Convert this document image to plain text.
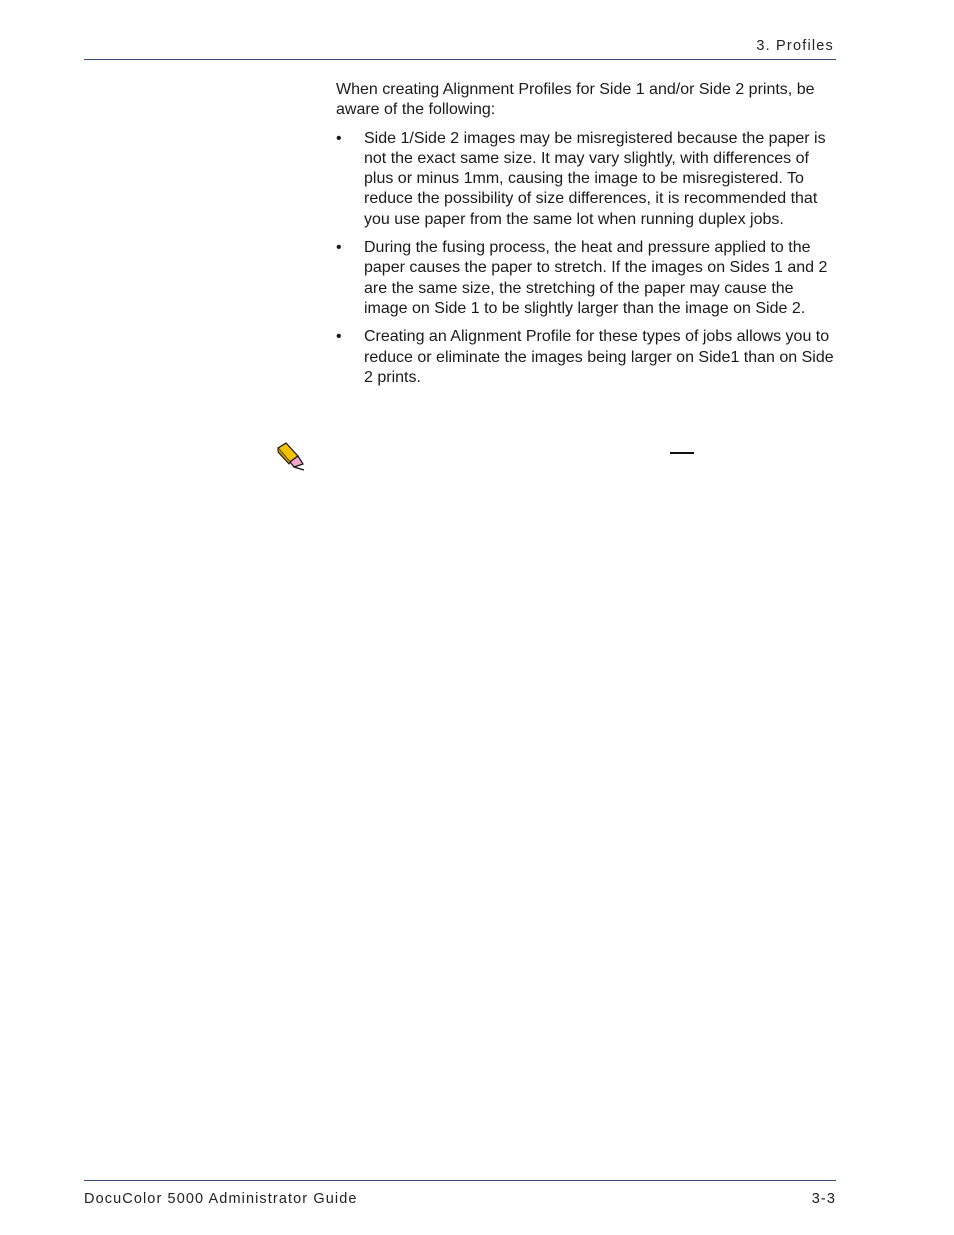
3. Profiles

When creating Alignment Profiles for Side 1 and/or Side 2 prints, be aware of the following:

• Side 1/Side 2 images may be misregistered because the paper is not the exact same size. It may vary slightly, with differences of plus or minus 1mm, causing the image to be misregistered. To reduce the possibility of size differences, it is recommended that you use paper from the same lot when running duplex jobs.
• During the fusing process, the heat and pressure applied to the paper causes the paper to stretch. If the images on Sides 1 and 2 are the same size, the stretching of the paper may cause the image on Side 1 to be slightly larger than the image on Side 2.
• Creating an Alignment Profile for these types of jobs allows you to reduce or eliminate the images being larger on Side1 than on Side 2 prints.
DocuColor 5000 Administrator Guide	3-3
